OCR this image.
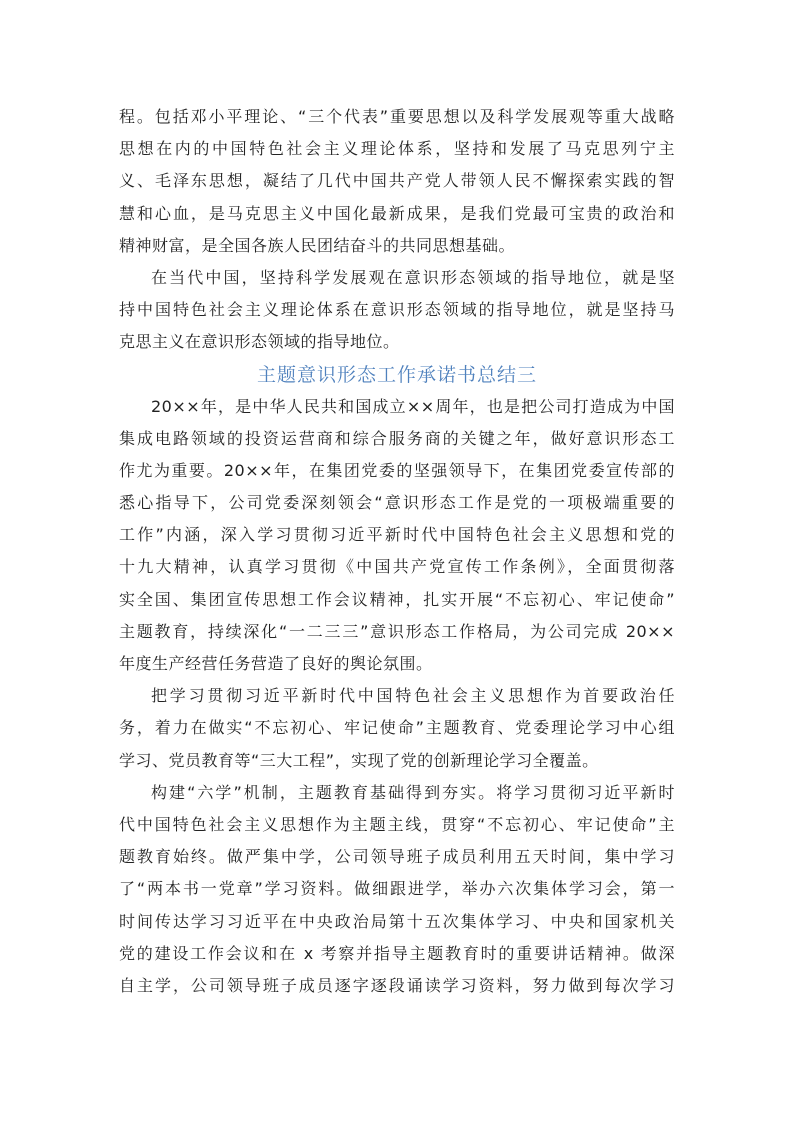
程。包括邓小平理论、“三个代表”重要思想以及科学发展观等重大战略
思想在内的中国特色社会主义理论体系，坚持和发展了马克思列宁主
义、毛泽东思想，凝结了几代中国共产党人带领人民不懈探索实践的智
慧和心血，是马克思主义中国化最新成果，是我们党最可宝贵的政治和
精神财富，是全国各族人民团结奋斗的共同思想基础。
在当代中国，坚持科学发展观在意识形态领域的指导地位，就是坚
持中国特色社会主义理论体系在意识形态领域的指导地位，就是坚持马
克思主义在意识形态领域的指导地位。
主题意识形态工作承诺书总结三
20××年，是中华人民共和国成立××周年，也是把公司打造成为中国
集成电路领域的投资运营商和综合服务商的关键之年，做好意识形态工
作尤为重要。20××年，在集团党委的坚强领导下，在集团党委宣传部的
悉心指导下，公司党委深刻领会“意识形态工作是党的一项极端重要的
工作”内涵，深入学习贯彻习近平新时代中国特色社会主义思想和党的
十九大精神，认真学习贯彻《中国共产党宣传工作条例》，全面贯彻落
实全国、集团宣传思想工作会议精神，扎实开展“不忘初心、牢记使命”
主题教育，持续深化“一二三三”意识形态工作格局，为公司完成 20××
年度生产经营任务营造了良好的舆论氛围。
把学习贯彻习近平新时代中国特色社会主义思想作为首要政治任
务，着力在做实“不忘初心、牢记使命”主题教育、党委理论学习中心组
学习、党员教育等“三大工程”，实现了党的创新理论学习全覆盖。
构建“六学”机制，主题教育基础得到夯实。将学习贯彻习近平新时
代中国特色社会主义思想作为主题主线，贯穿“不忘初心、牢记使命”主
题教育始终。做严集中学，公司领导班子成员利用五天时间，集中学习
了“两本书一党章”学习资料。做细跟进学，举办六次集体学习会，第一
时间传达学习习近平在中央政治局第十五次集体学习、中央和国家机关
党的建设工作会议和在 x 考察并指导主题教育时的重要讲话精神。做深
自主学，公司领导班子成员逐字逐段诵读学习资料，努力做到每次学习
